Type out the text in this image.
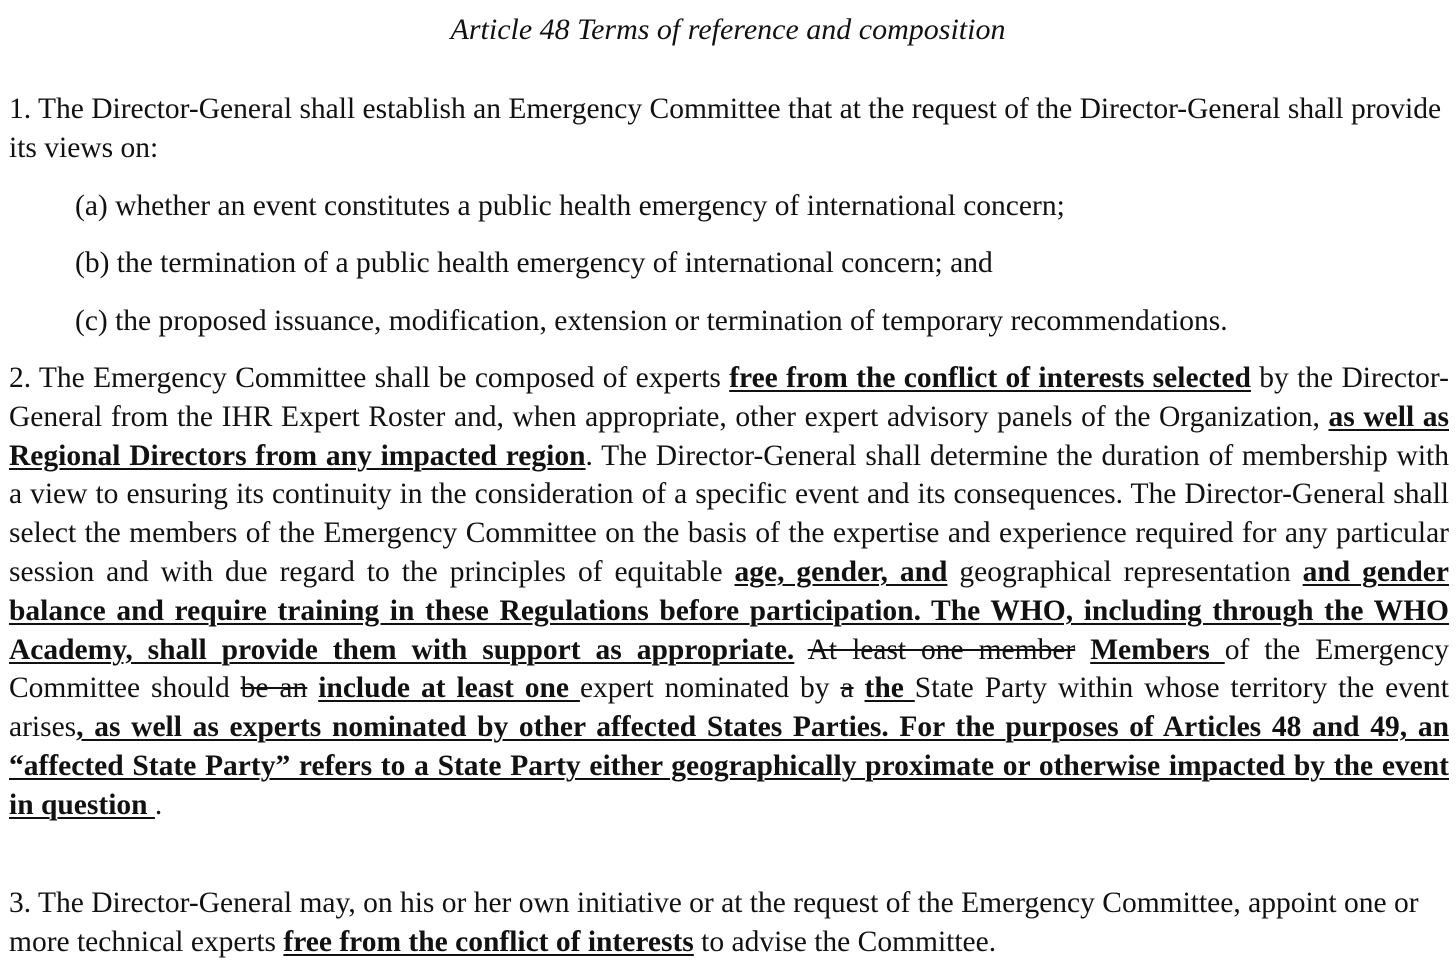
Article 48 Terms of reference and composition
1. The Director-General shall establish an Emergency Committee that at the request of the Director-General shall provide its views on:
(a) whether an event constitutes a public health emergency of international concern;
(b) the termination of a public health emergency of international concern; and
(c) the proposed issuance, modification, extension or termination of temporary recommendations.
2. The Emergency Committee shall be composed of experts free from the conflict of interests selected by the Director-General from the IHR Expert Roster and, when appropriate, other expert advisory panels of the Organization, as well as Regional Directors from any impacted region. The Director-General shall determine the duration of membership with a view to ensuring its continuity in the consideration of a specific event and its consequences. The Director-General shall select the members of the Emergency Committee on the basis of the expertise and experience required for any particular session and with due regard to the principles of equitable age, gender, and geographical representation and gender balance and require training in these Regulations before participation. The WHO, including through the WHO Academy, shall provide them with support as appropriate. At least one member Members of the Emergency Committee should be an include at least one expert nominated by a the State Party within whose territory the event arises, as well as experts nominated by other affected States Parties. For the purposes of Articles 48 and 49, an “affected State Party” refers to a State Party either geographically proximate or otherwise impacted by the event in question .
3. The Director-General may, on his or her own initiative or at the request of the Emergency Committee, appoint one or more technical experts free from the conflict of interests to advise the Committee.
